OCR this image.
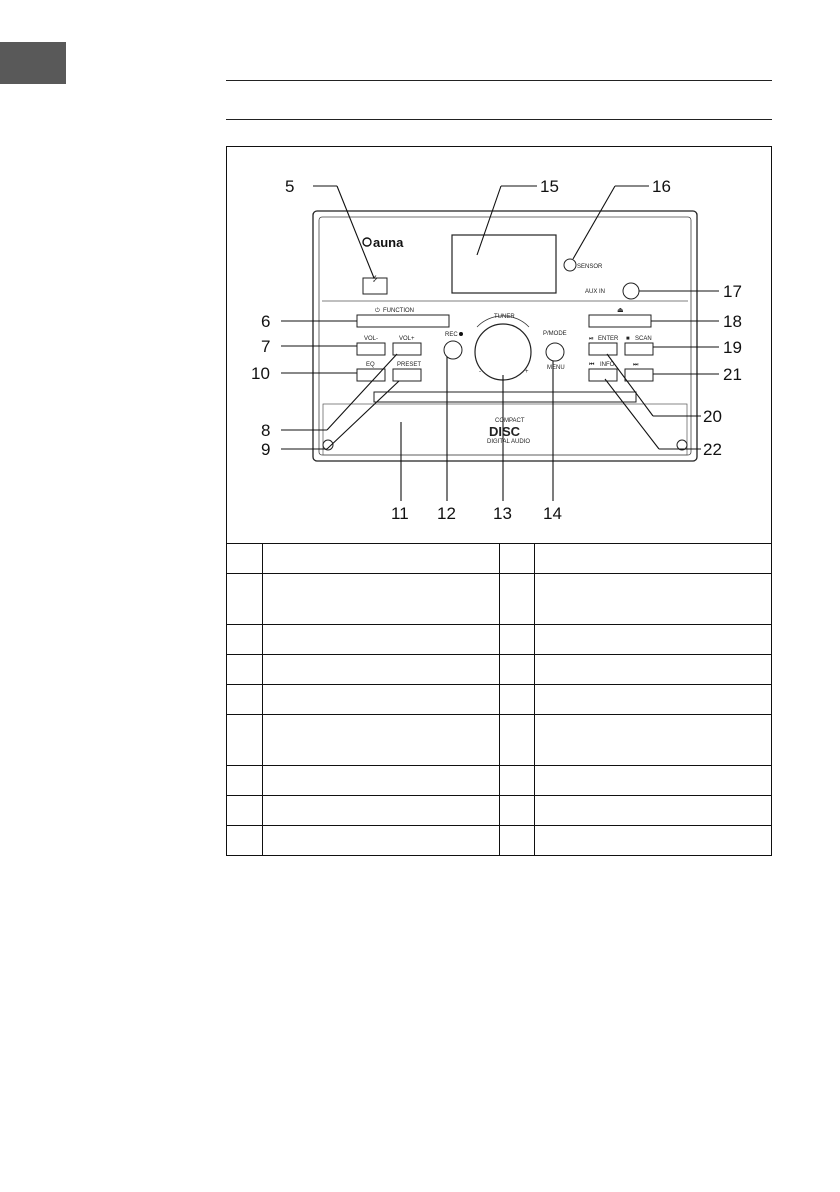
SENSOR
auna
⭍
AUX IN
⏻ FUNCTION
VOL-	VOL+
EQ	PRESET
REC
TUNER
-	+
P/MODE
MENU
⏏
⏯ ENTER ■ SCAN
⏮ INFO	⏭
COMPACT
DISC
DIGITAL AUDIO
5	15	16
6
7
10
8
9
11 12 13 14
17
18
19
21
20
22
